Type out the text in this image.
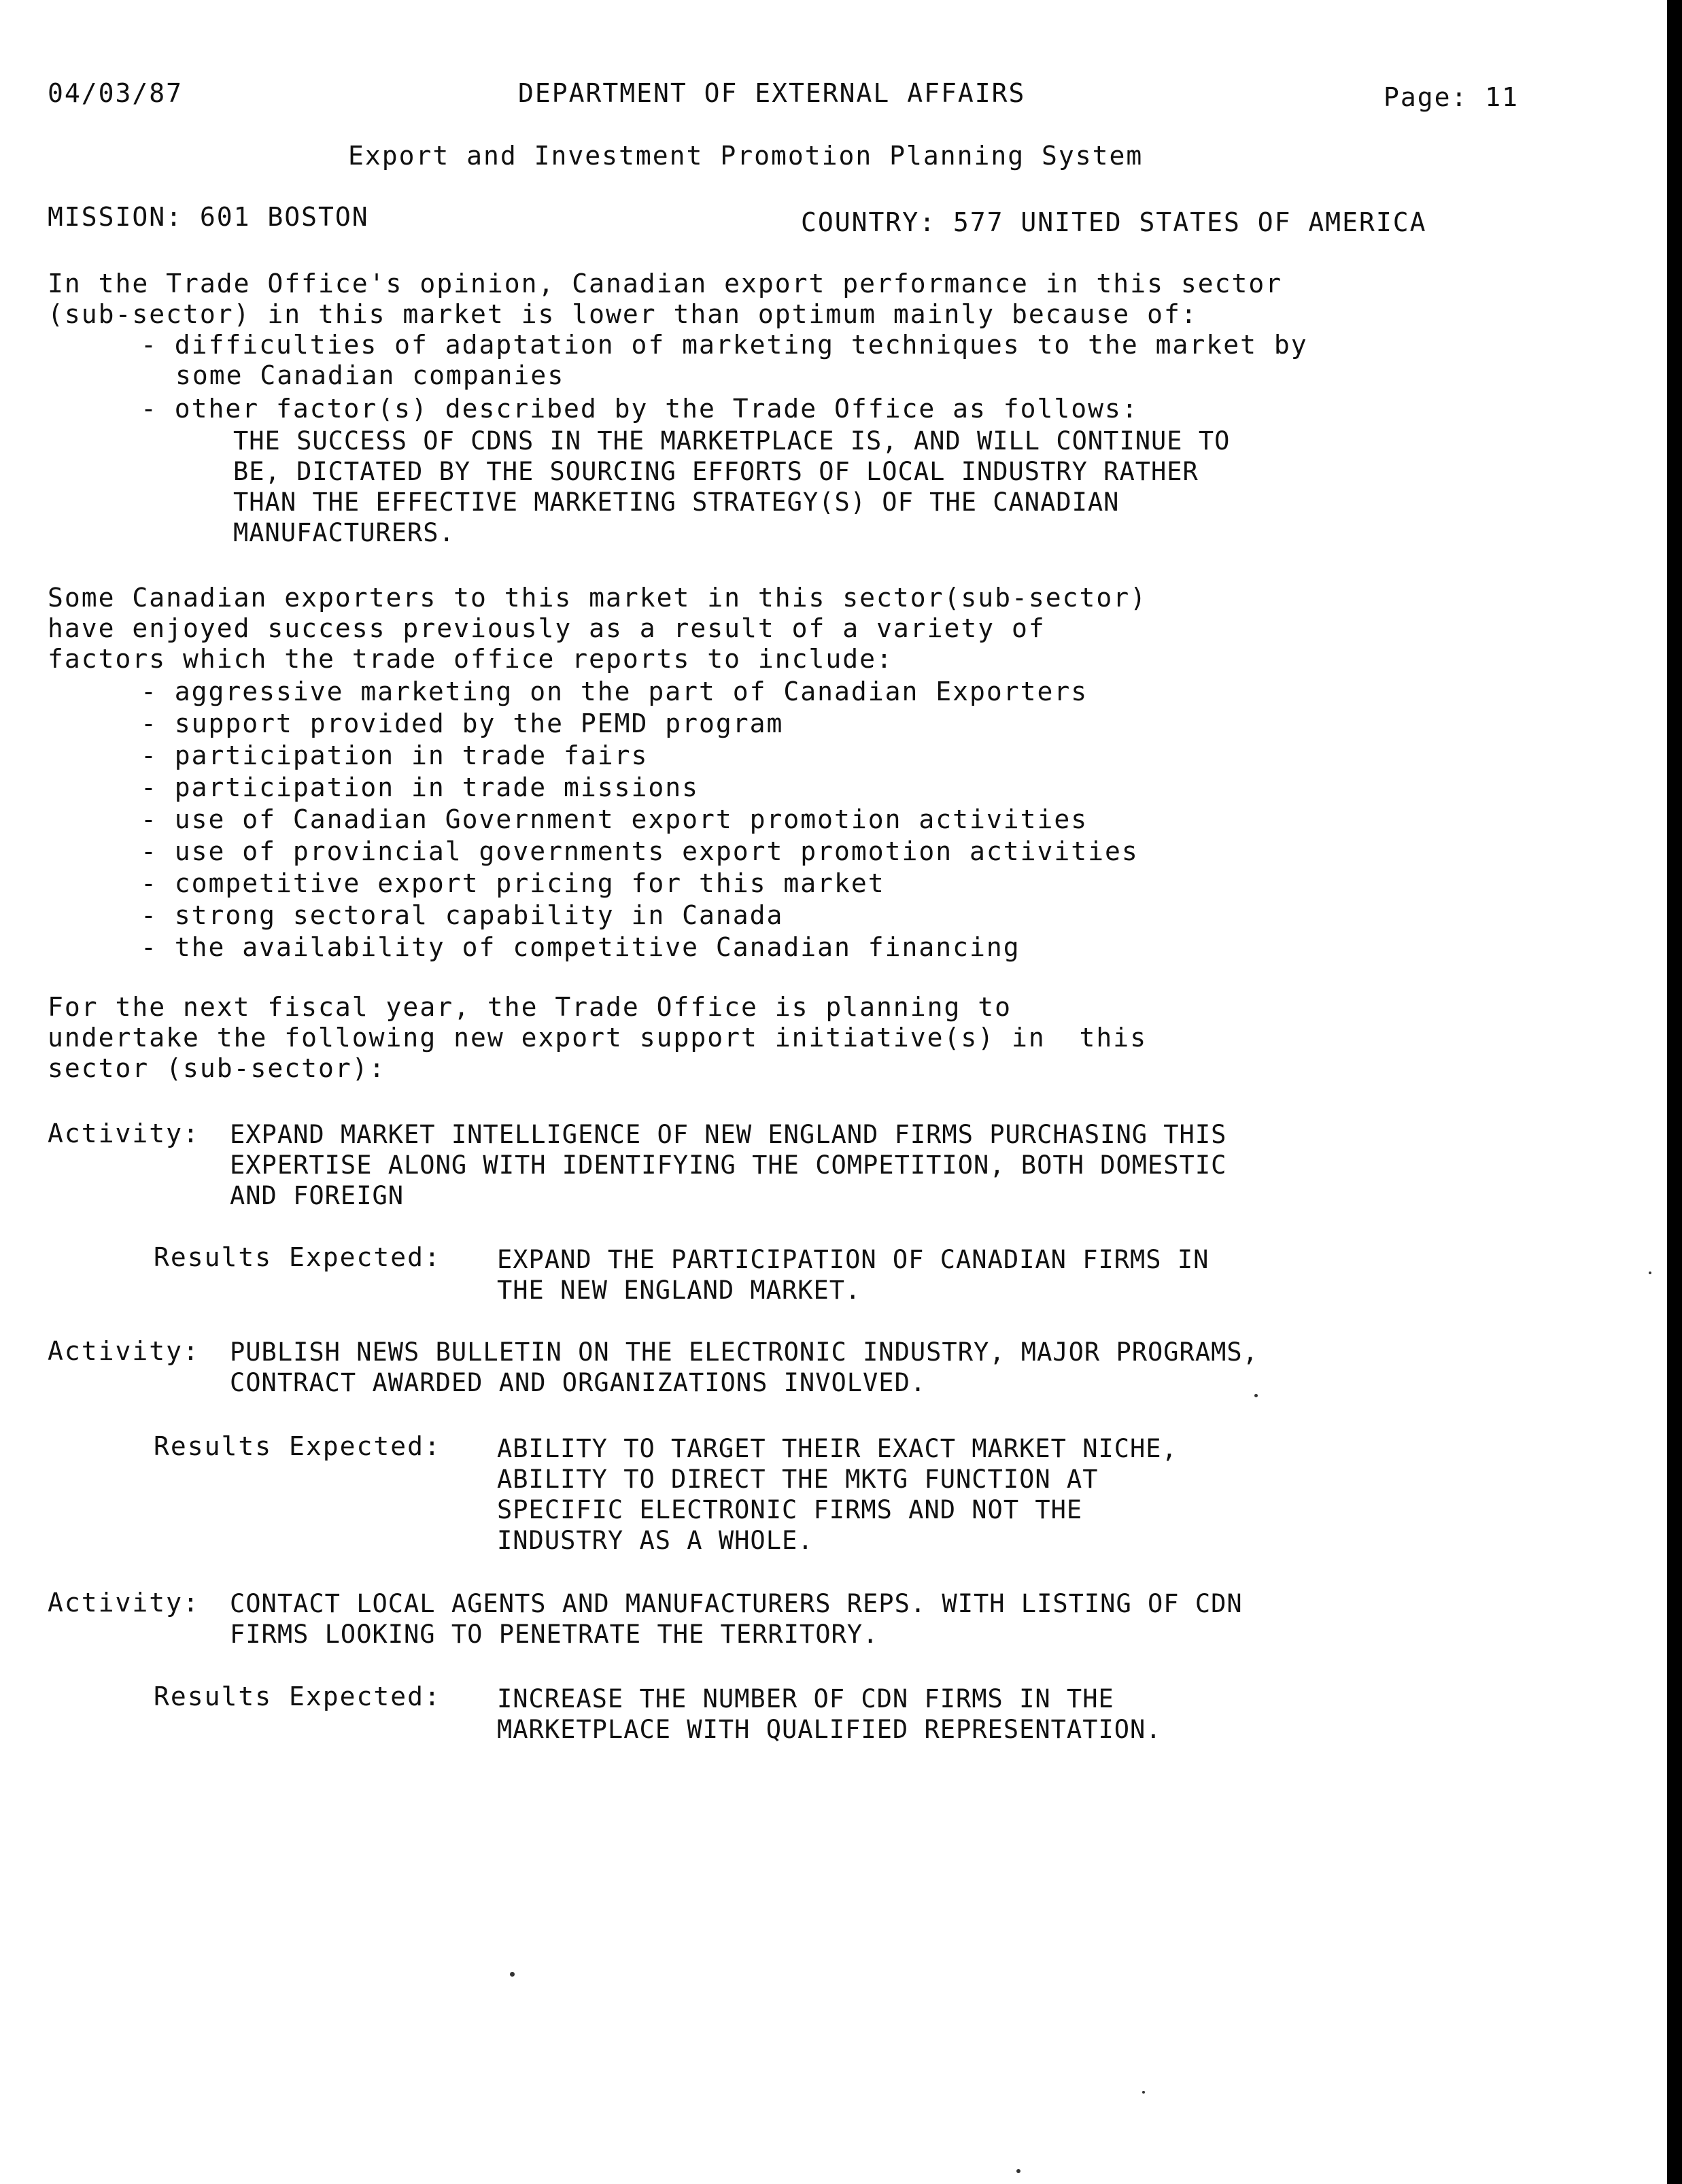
04/03/87	DEPARTMENT OF EXTERNAL AFFAIRS	Page: 11
Export and Investment Promotion Planning System
MISSION: 601 BOSTON	COUNTRY: 577 UNITED STATES OF AMERICA
In the Trade Office's opinion, Canadian export performance in this sector
(sub-sector) in this market is lower than optimum mainly because of:
- difficulties of adaptation of marketing techniques to the market by
some Canadian companies
- other factor(s) described by the Trade Office as follows:
THE SUCCESS OF CDNS IN THE MARKETPLACE IS, AND WILL CONTINUE TO
BE, DICTATED BY THE SOURCING EFFORTS OF LOCAL INDUSTRY RATHER
THAN THE EFFECTIVE MARKETING STRATEGY(S) OF THE CANADIAN
MANUFACTURERS.
Some Canadian exporters to this market in this sector(sub-sector)
have enjoyed success previously as a result of a variety of
factors which the trade office reports to include:
- aggressive marketing on the part of Canadian Exporters
- support provided by the PEMD program
- participation in trade fairs
- participation in trade missions
- use of Canadian Government export promotion activities
- use of provincial governments export promotion activities
- competitive export pricing for this market
- strong sectoral capability in Canada
- the availability of competitive Canadian financing
For the next fiscal year, the Trade Office is planning to
undertake the following new export support initiative(s) in  this
sector (sub-sector):
Activity: EXPAND MARKET INTELLIGENCE OF NEW ENGLAND FIRMS PURCHASING THIS
EXPERTISE ALONG WITH IDENTIFYING THE COMPETITION, BOTH DOMESTIC
AND FOREIGN
Results Expected: EXPAND THE PARTICIPATION OF CANADIAN FIRMS IN
THE NEW ENGLAND MARKET.
Activity: PUBLISH NEWS BULLETIN ON THE ELECTRONIC INDUSTRY, MAJOR PROGRAMS,
CONTRACT AWARDED AND ORGANIZATIONS INVOLVED.
Results Expected: ABILITY TO TARGET THEIR EXACT MARKET NICHE,
ABILITY TO DIRECT THE MKTG FUNCTION AT
SPECIFIC ELECTRONIC FIRMS AND NOT THE
INDUSTRY AS A WHOLE.
Activity: CONTACT LOCAL AGENTS AND MANUFACTURERS REPS. WITH LISTING OF CDN
FIRMS LOOKING TO PENETRATE THE TERRITORY.
Results Expected: INCREASE THE NUMBER OF CDN FIRMS IN THE
MARKETPLACE WITH QUALIFIED REPRESENTATION.
